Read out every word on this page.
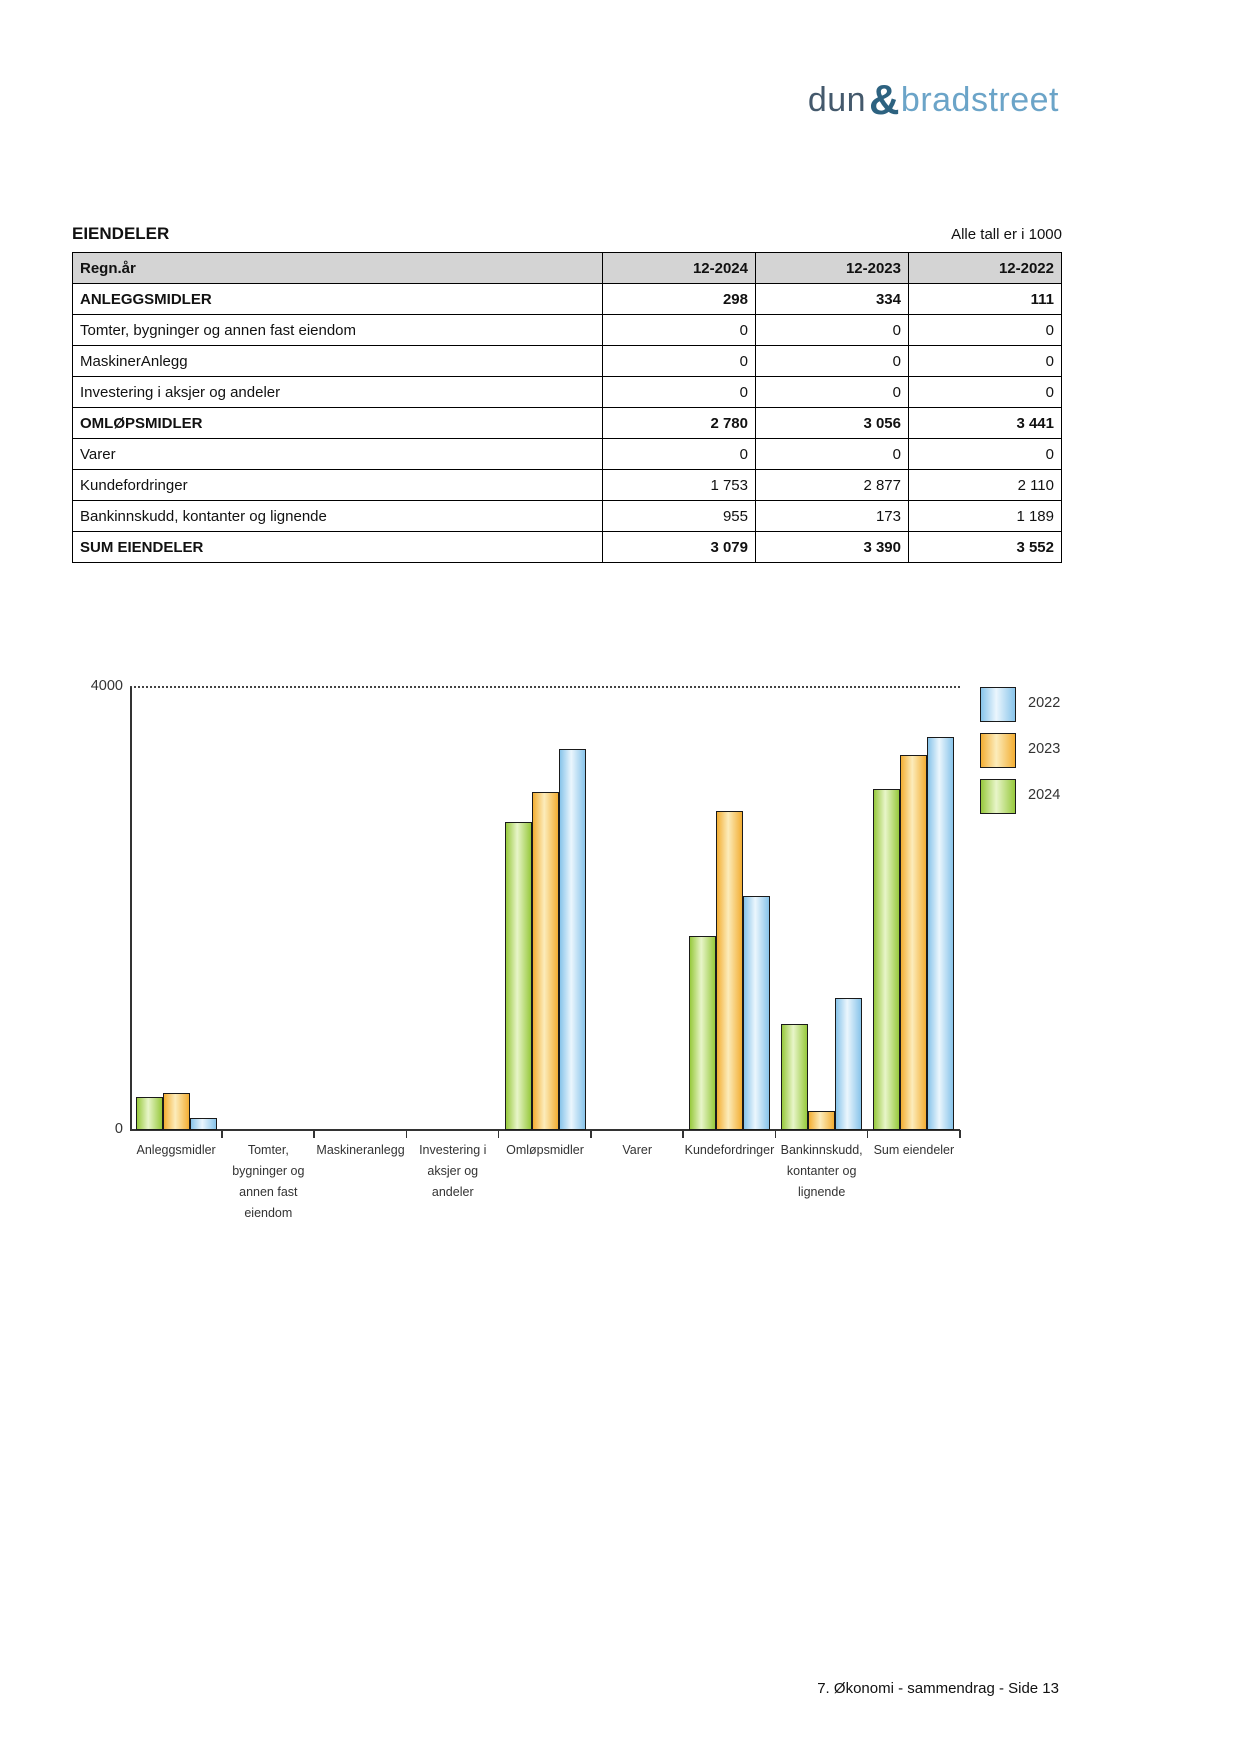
dun&bradstreet
EIENDELER	Alle tall er i 1000
Regn.år	12-2024	12-2023	12-2022
ANLEGGSMIDLER	298	334	111
Tomter, bygninger og annen fast eiendom	0	0	0
MaskinerAnlegg	0	0	0
Investering i aksjer og andeler	0	0	0
OMLØPSMIDLER	2 780	3 056	3 441
Varer	0	0	0
Kundefordringer	1 753	2 877	2 110
Bankinnskudd, kontanter og lignende	955	173	1 189
SUM EIENDELER	3 079	3 390	3 552
4000
0
Anleggsmidler	Tomter,
bygninger og
annen fast
eiendom
Maskineranlegg	Investering i
aksjer og
andeler
Omløpsmidler	Varer	Kundefordringer Bankinnskudd,
kontanter og
lignende
Sum eiendeler
2022
2023
2024
7. Økonomi - sammendrag - Side 13
